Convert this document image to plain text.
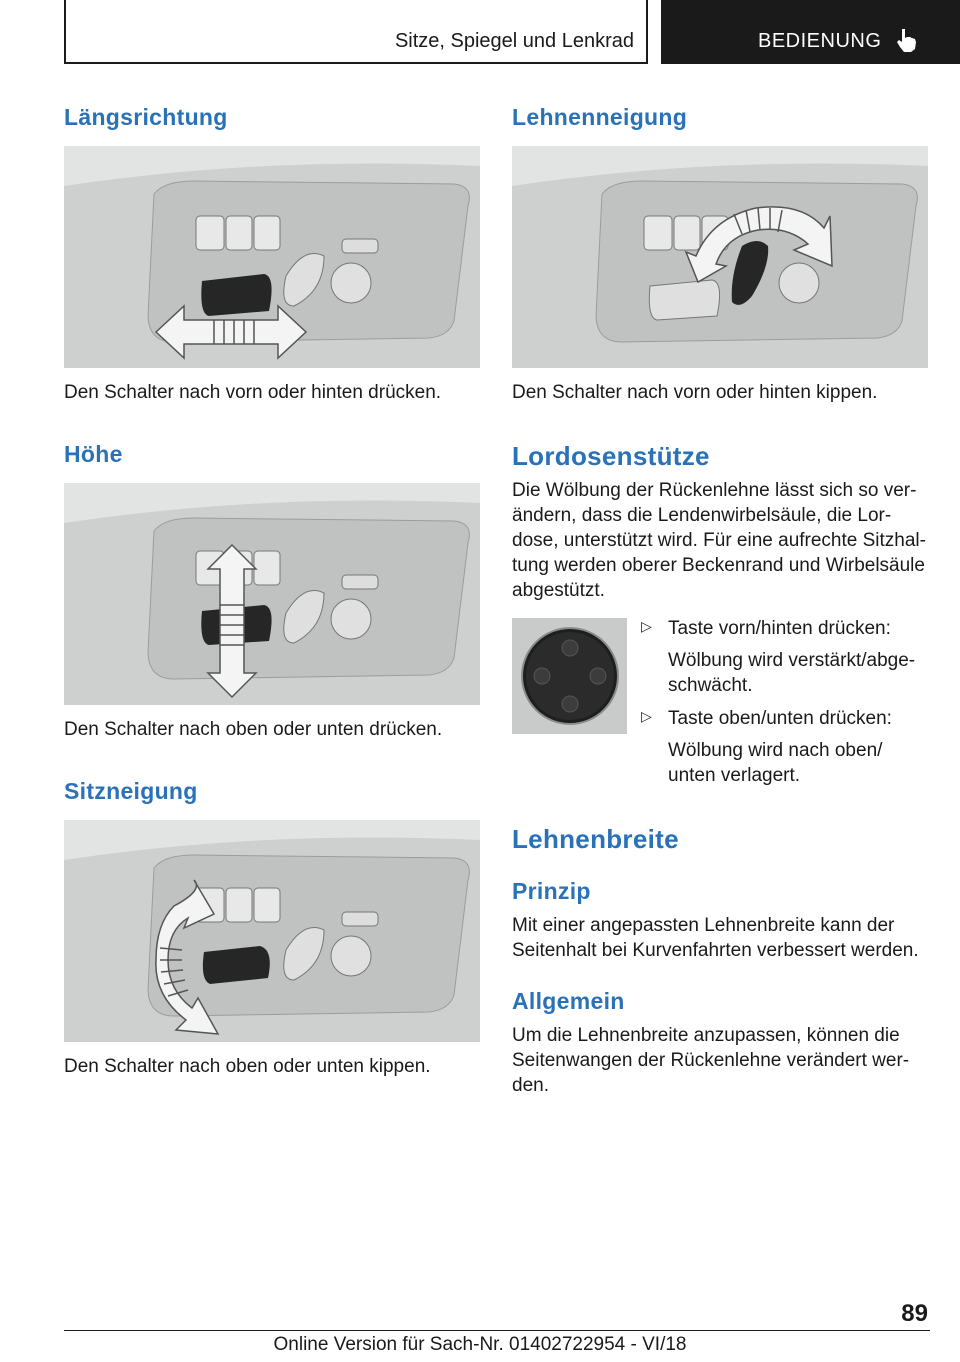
Sitze, Spiegel und Lenkrad	BEDIENUNG
Längsrichtung
Den Schalter nach vorn oder hinten drücken.
Höhe
Den Schalter nach oben oder unten drücken.
Sitzneigung
Den Schalter nach oben oder unten kippen.
Lehnenneigung
Den Schalter nach vorn oder hinten kippen.
Lordosenstütze
Die Wölbung der Rückenlehne lässt sich so ver-
ändern, dass die Lendenwirbelsäule, die Lor-
dose, unterstützt wird. Für eine aufrechte Sitzhal-
tung werden oberer Beckenrand und Wirbelsäule
abgestützt.
▷ Taste vorn/hinten drücken:
Wölbung wird verstärkt/abge-
schwächt.
▷ Taste oben/unten drücken:
Wölbung wird nach oben/
unten verlagert.
Lehnenbreite
Prinzip
Mit einer angepassten Lehnenbreite kann der
Seitenhalt bei Kurvenfahrten verbessert werden.
Allgemein
Um die Lehnenbreite anzupassen, können die
Seitenwangen der Rückenlehne verändert wer-
den.
89
Online Version für Sach-Nr. 01402722954 - VI/18
